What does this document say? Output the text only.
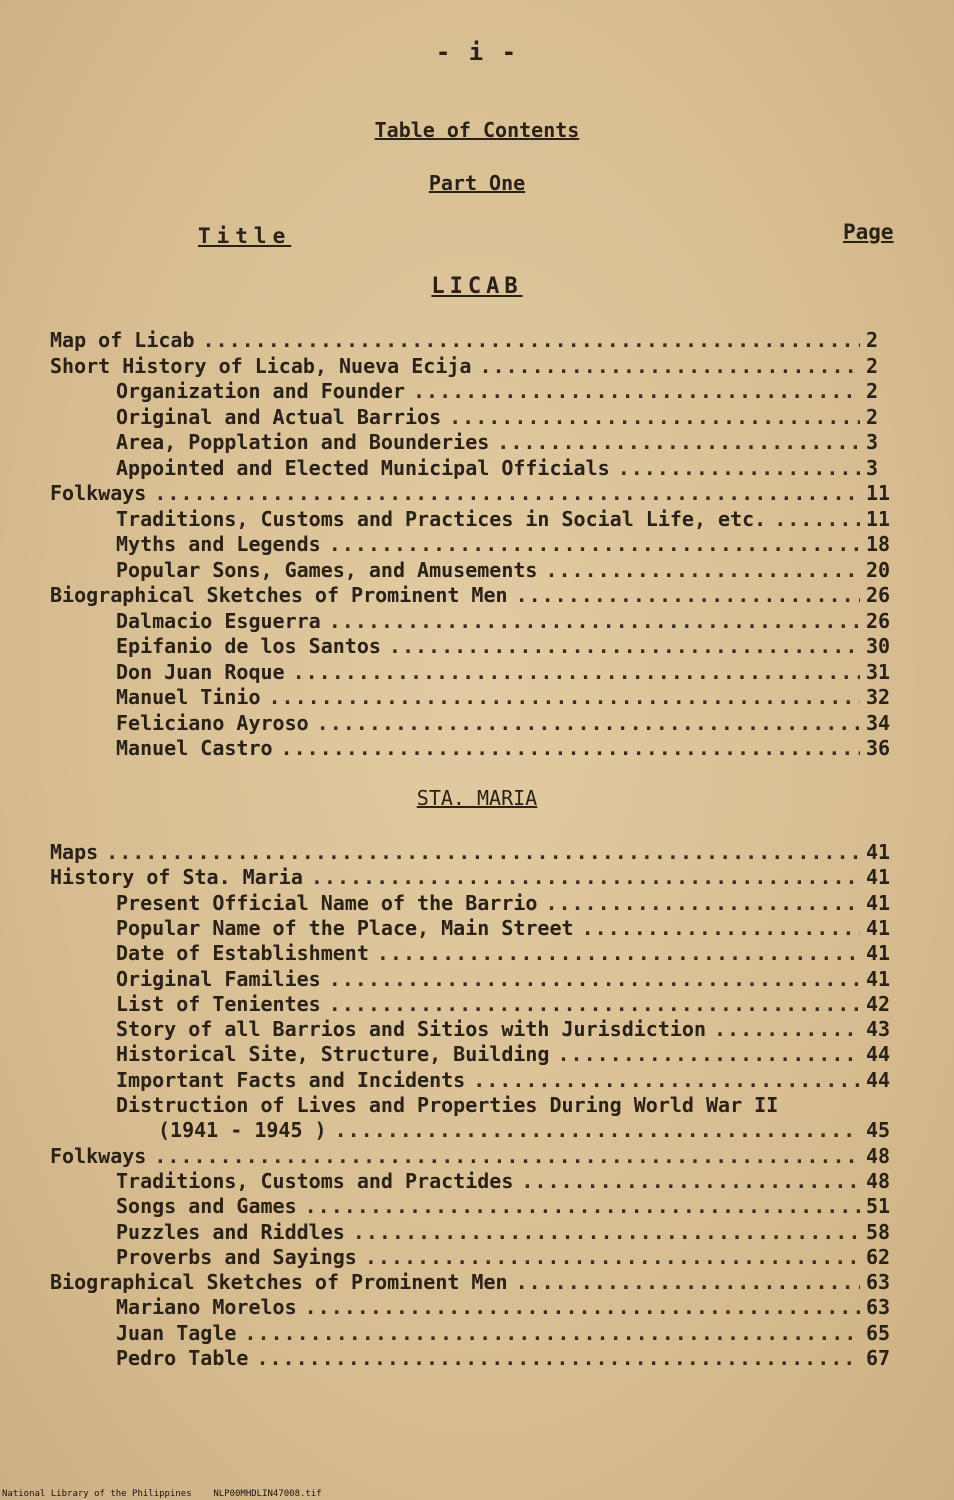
- i -
Table of Contents
Part One
Title	Page
LICAB
Map of Licab .....	2
Short History of Licab, Nueva Ecija .....	2
Organization and Founder .....	2
Original and Actual Barrios .....	2
Area, Popplation and Bounderies .....	3
Appointed and Elected Municipal Officials .....	3
Folkways .....	11
Traditions, Customs and Practices in Social Life, etc. .....	11
Myths and Legends .....	18
Popular Sons, Games, and Amusements .....	20
Biographical Sketches of Prominent Men .....	26
Dalmacio Esguerra .....	26
Epifanio de los Santos .....	30
Don Juan Roque .....	31
Manuel Tinio .....	32
Feliciano Ayroso .....	34
Manuel Castro .....	36
STA. MARIA
Maps .....	41
History of Sta. Maria .....	41
Present Official Name of the Barrio .....	41
Popular Name of the Place, Main Street .....	41
Date of Establishment .....	41
Original Families .....	41
List of Tenientes .....	42
Story of all Barrios and Sitios with Jurisdiction .....	43
Historical Site, Structure, Building .....	44
Important Facts and Incidents .....	44
Distruction of Lives and Properties During World War II
(1941 - 1945 ) .....	45
Folkways .....	48
Traditions, Customs and Practides .....	48
Songs and Games .....	51
Puzzles and Riddles .....	58
Proverbs and Sayings .....	62
Biographical Sketches of Prominent Men .....	63
Mariano Morelos .....	63
Juan Tagle .....	65
Pedro Table .....	67
National Library of the Philippines    NLP00MHDLIN47008.tif
